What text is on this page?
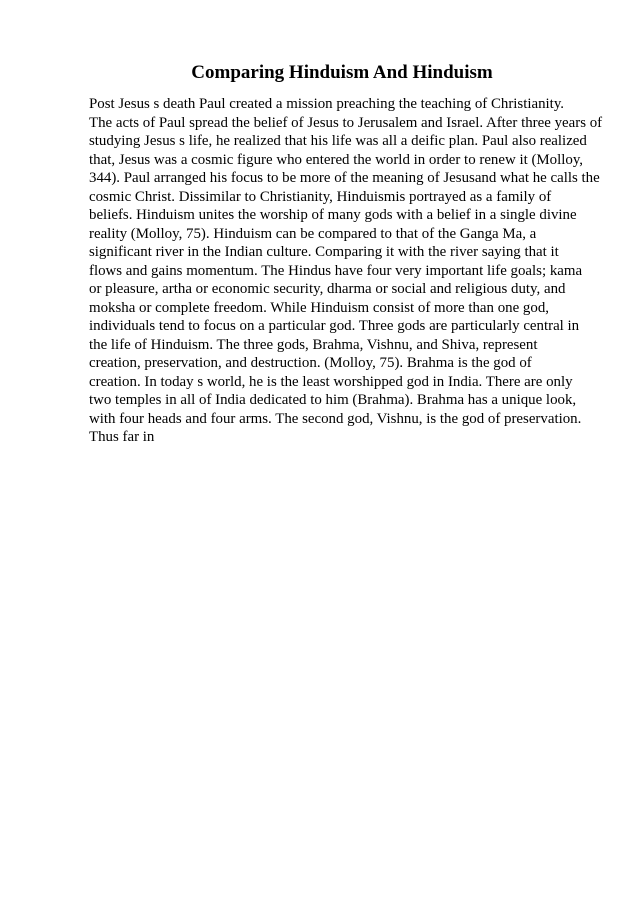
Comparing Hinduism And Hinduism
Post Jesus s death Paul created a mission preaching the teaching of Christianity.
The acts of Paul spread the belief of Jesus to Jerusalem and Israel. After three years of
studying Jesus s life, he realized that his life was all a deific plan. Paul also realized
that, Jesus was a cosmic figure who entered the world in order to renew it (Molloy,
344). Paul arranged his focus to be more of the meaning of Jesusand what he calls the
cosmic Christ. Dissimilar to Christianity, Hinduismis portrayed as a family of
beliefs. Hinduism unites the worship of many gods with a belief in a single divine
reality (Molloy, 75). Hinduism can be compared to that of the Ganga Ma, a
significant river in the Indian culture. Comparing it with the river saying that it
flows and gains momentum. The Hindus have four very important life goals; kama
or pleasure, artha or economic security, dharma or social and religious duty, and
moksha or complete freedom. While Hinduism consist of more than one god,
individuals tend to focus on a particular god. Three gods are particularly central in
the life of Hinduism. The three gods, Brahma, Vishnu, and Shiva, represent
creation, preservation, and destruction. (Molloy, 75). Brahma is the god of
creation. In today s world, he is the least worshipped god in India. There are only
two temples in all of India dedicated to him (Brahma). Brahma has a unique look,
with four heads and four arms. The second god, Vishnu, is the god of preservation.
Thus far in
